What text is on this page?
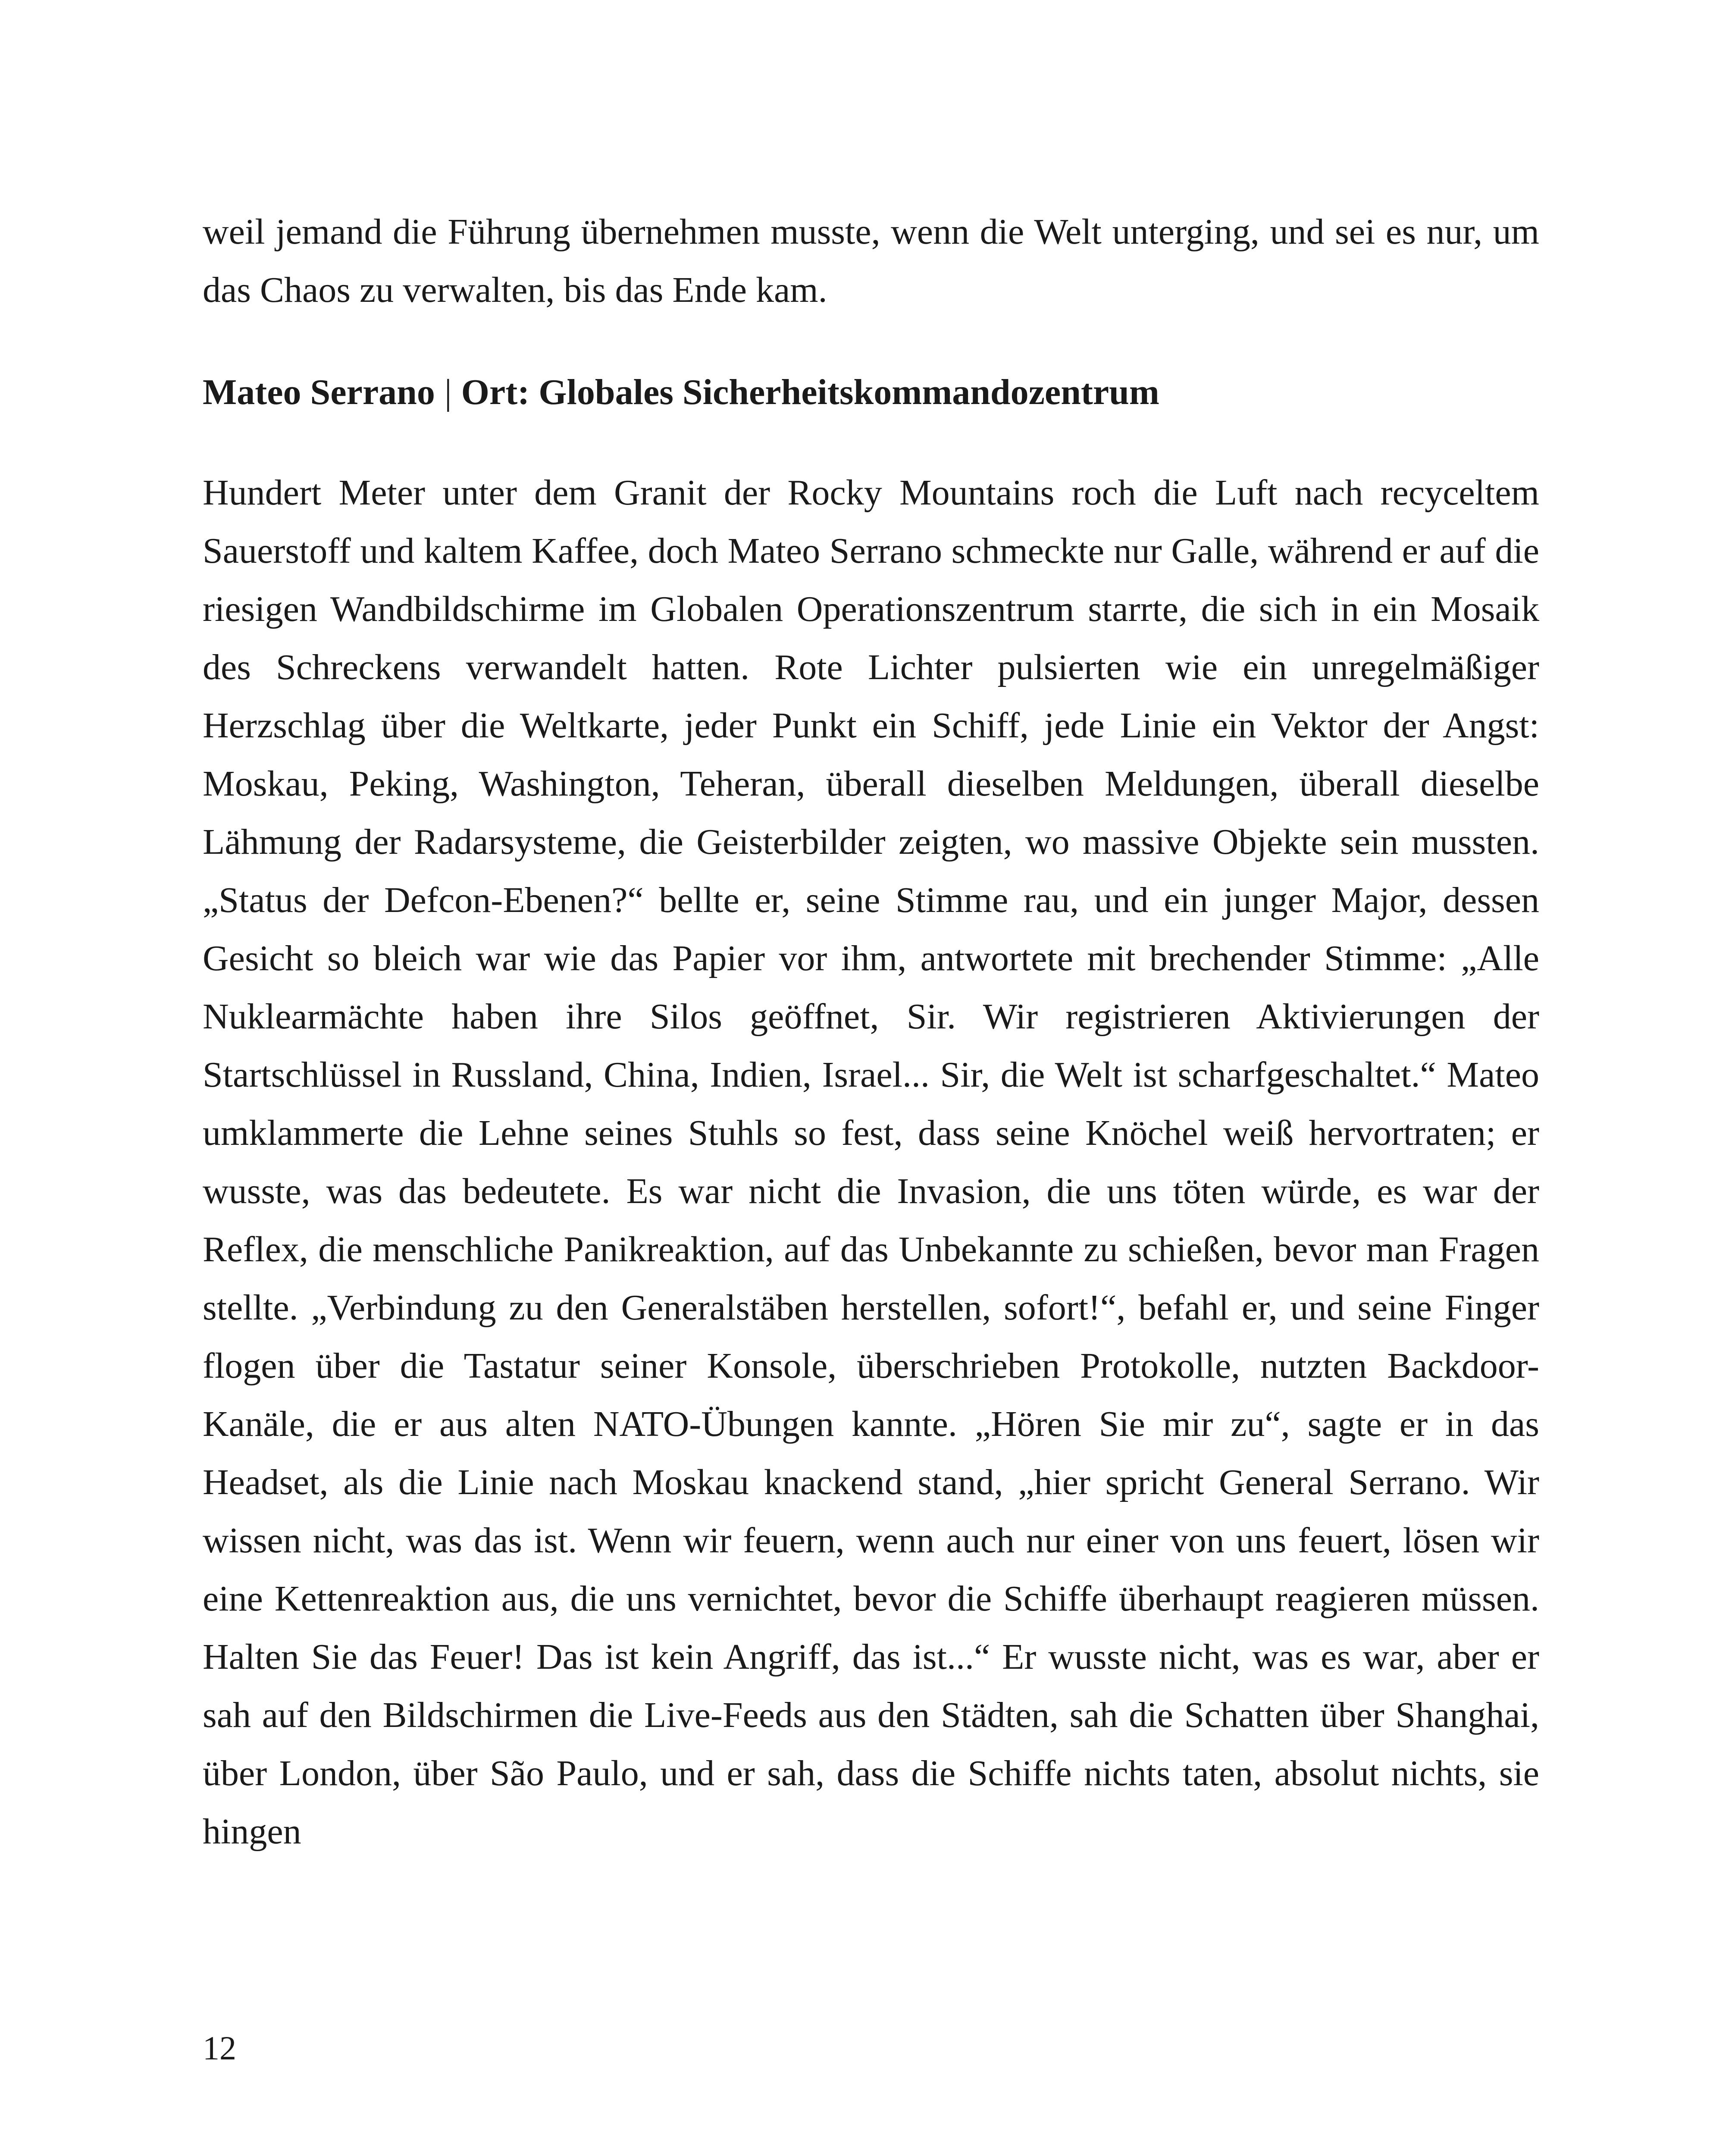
weil jemand die Führung übernehmen musste, wenn die Welt unterging, und sei es nur, um das Chaos zu verwalten, bis das Ende kam.

Mateo Serrano | Ort: Globales Sicherheitskommandozentrum

Hundert Meter unter dem Granit der Rocky Mountains roch die Luft nach recyceltem Sauerstoff und kaltem Kaffee, doch Mateo Serrano schmeckte nur Galle, während er auf die riesigen Wandbildschirme im Globalen Operationszentrum starrte, die sich in ein Mosaik des Schreckens verwandelt hatten. Rote Lichter pulsierten wie ein unregelmäßiger Herzschlag über die Weltkarte, jeder Punkt ein Schiff, jede Linie ein Vektor der Angst: Moskau, Peking, Washington, Teheran, überall dieselben Meldungen, überall dieselbe Lähmung der Radarsysteme, die Geisterbilder zeigten, wo massive Objekte sein mussten. „Status der Defcon-Ebenen?“ bellte er, seine Stimme rau, und ein junger Major, dessen Gesicht so bleich war wie das Papier vor ihm, antwortete mit brechender Stimme: „Alle Nuklearmächte haben ihre Silos geöffnet, Sir. Wir registrieren Aktivierungen der Startschlüssel in Russland, China, Indien, Israel... Sir, die Welt ist scharfgeschaltet.“ Mateo umklammerte die Lehne seines Stuhls so fest, dass seine Knöchel weiß hervortraten; er wusste, was das bedeutete. Es war nicht die Invasion, die uns töten würde, es war der Reflex, die menschliche Panikreaktion, auf das Unbekannte zu schießen, bevor man Fragen stellte. „Verbindung zu den Generalstäben herstellen, sofort!“, befahl er, und seine Finger flogen über die Tastatur seiner Konsole, überschrieben Protokolle, nutzten Backdoor-Kanäle, die er aus alten NATO-Übungen kannte. „Hören Sie mir zu“, sagte er in das Headset, als die Linie nach Moskau knackend stand, „hier spricht General Serrano. Wir wissen nicht, was das ist. Wenn wir feuern, wenn auch nur einer von uns feuert, lösen wir eine Kettenreaktion aus, die uns vernichtet, bevor die Schiffe überhaupt reagieren müssen. Halten Sie das Feuer! Das ist kein Angriff, das ist...“ Er wusste nicht, was es war, aber er sah auf den Bildschirmen die Live-Feeds aus den Städten, sah die Schatten über Shanghai, über London, über São Paulo, und er sah, dass die Schiffe nichts taten, absolut nichts, sie hingen

12
